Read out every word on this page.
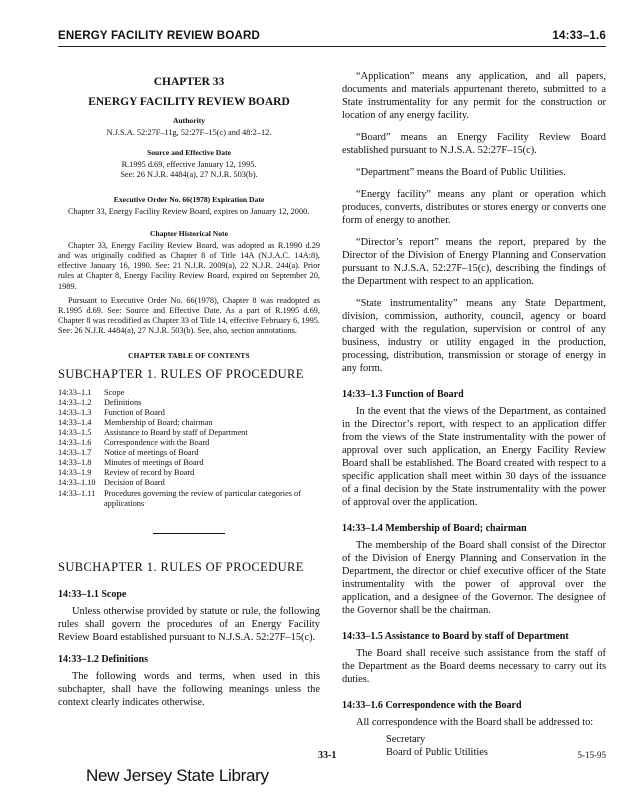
ENERGY FACILITY REVIEW BOARD	14:33–1.6
CHAPTER 33
ENERGY FACILITY REVIEW BOARD
Authority
N.J.S.A. 52:27F–11g, 52:27F–15(c) and 48:2–12.
Source and Effective Date
R.1995 d.69, effective January 12, 1995.
See: 26 N.J.R. 4484(a), 27 N.J.R. 503(b).
Executive Order No. 66(1978) Expiration Date
Chapter 33, Energy Facility Review Board, expires on January 12, 2000.
Chapter Historical Note
Chapter 33, Energy Facility Review Board, was adopted as R.1990 d.29 and was originally codified as Chapter 8 of Title 14A (N.J.A.C. 14A:8), effective January 16, 1990. See: 21 N.J.R. 2009(a), 22 N.J.R. 244(a). Prior rules at Chapter 8, Energy Facility Review Board, expired on September 20, 1989.
Pursuant to Executive Order No. 66(1978), Chapter 8 was readopted as R.1995 d.69. See: Source and Effective Date. As a part of R.1995 d.69, Chapter 8 was recodified as Chapter 33 of Title 14, effective February 6, 1995. See: 26 N.J.R. 4484(a), 27 N.J.R. 503(b). See, also, section annotations.
CHAPTER TABLE OF CONTENTS
SUBCHAPTER 1. RULES OF PROCEDURE
14:33–1.1	Scope
14:33–1.2	Definitions
14:33–1.3	Function of Board
14:33–1.4	Membership of Board; chairman
14:33–1.5	Assistance to Board by staff of Department
14:33–1.6	Correspondence with the Board
14:33–1.7	Notice of meetings of Board
14:33–1.8	Minutes of meetings of Board
14:33–1.9	Review of record by Board
14:33–1.10	Decision of Board
14:33–1.11	Procedures governing the review of particular categories of applications
SUBCHAPTER 1. RULES OF PROCEDURE
14:33–1.1 Scope
Unless otherwise provided by statute or rule, the following rules shall govern the procedures of an Energy Facility Review Board established pursuant to N.J.S.A. 52:27F–15(c).
14:33–1.2 Definitions
The following words and terms, when used in this subchapter, shall have the following meanings unless the context clearly indicates otherwise.
“Application” means any application, and all papers, documents and materials appurtenant thereto, submitted to a State instrumentality for any permit for the construction or location of any energy facility.
“Board” means an Energy Facility Review Board established pursuant to N.J.S.A. 52:27F–15(c).
“Department” means the Board of Public Utilities.
“Energy facility” means any plant or operation which produces, converts, distributes or stores energy or converts one form of energy to another.
“Director’s report” means the report, prepared by the Director of the Division of Energy Planning and Conservation pursuant to N.J.S.A. 52:27F–15(c), describing the findings of the Department with respect to an application.
“State instrumentality” means any State Department, division, commission, authority, council, agency or board charged with the regulation, supervision or control of any business, industry or utility engaged in the production, processing, distribution, transmission or storage of energy in any form.
14:33–1.3 Function of Board
In the event that the views of the Department, as contained in the Director’s report, with respect to an application differ from the views of the State instrumentality with the power of approval over such application, an Energy Facility Review Board shall be established. The Board created with respect to a specific application shall meet within 30 days of the issuance of a final decision by the State instrumentality with the power of approval over the application.
14:33–1.4 Membership of Board; chairman
The membership of the Board shall consist of the Director of the Division of Energy Planning and Conservation in the Department, the director or chief executive officer of the State instrumentality with the power of approval over the application, and a designee of the Governor. The designee of the Governor shall be the chairman.
14:33–1.5 Assistance to Board by staff of Department
The Board shall receive such assistance from the staff of the Department as the Board deems necessary to carry out its duties.
14:33–1.6 Correspondence with the Board
All correspondence with the Board shall be addressed to:
Secretary
Board of Public Utilities
33-1	5-15-95
New Jersey State Library
